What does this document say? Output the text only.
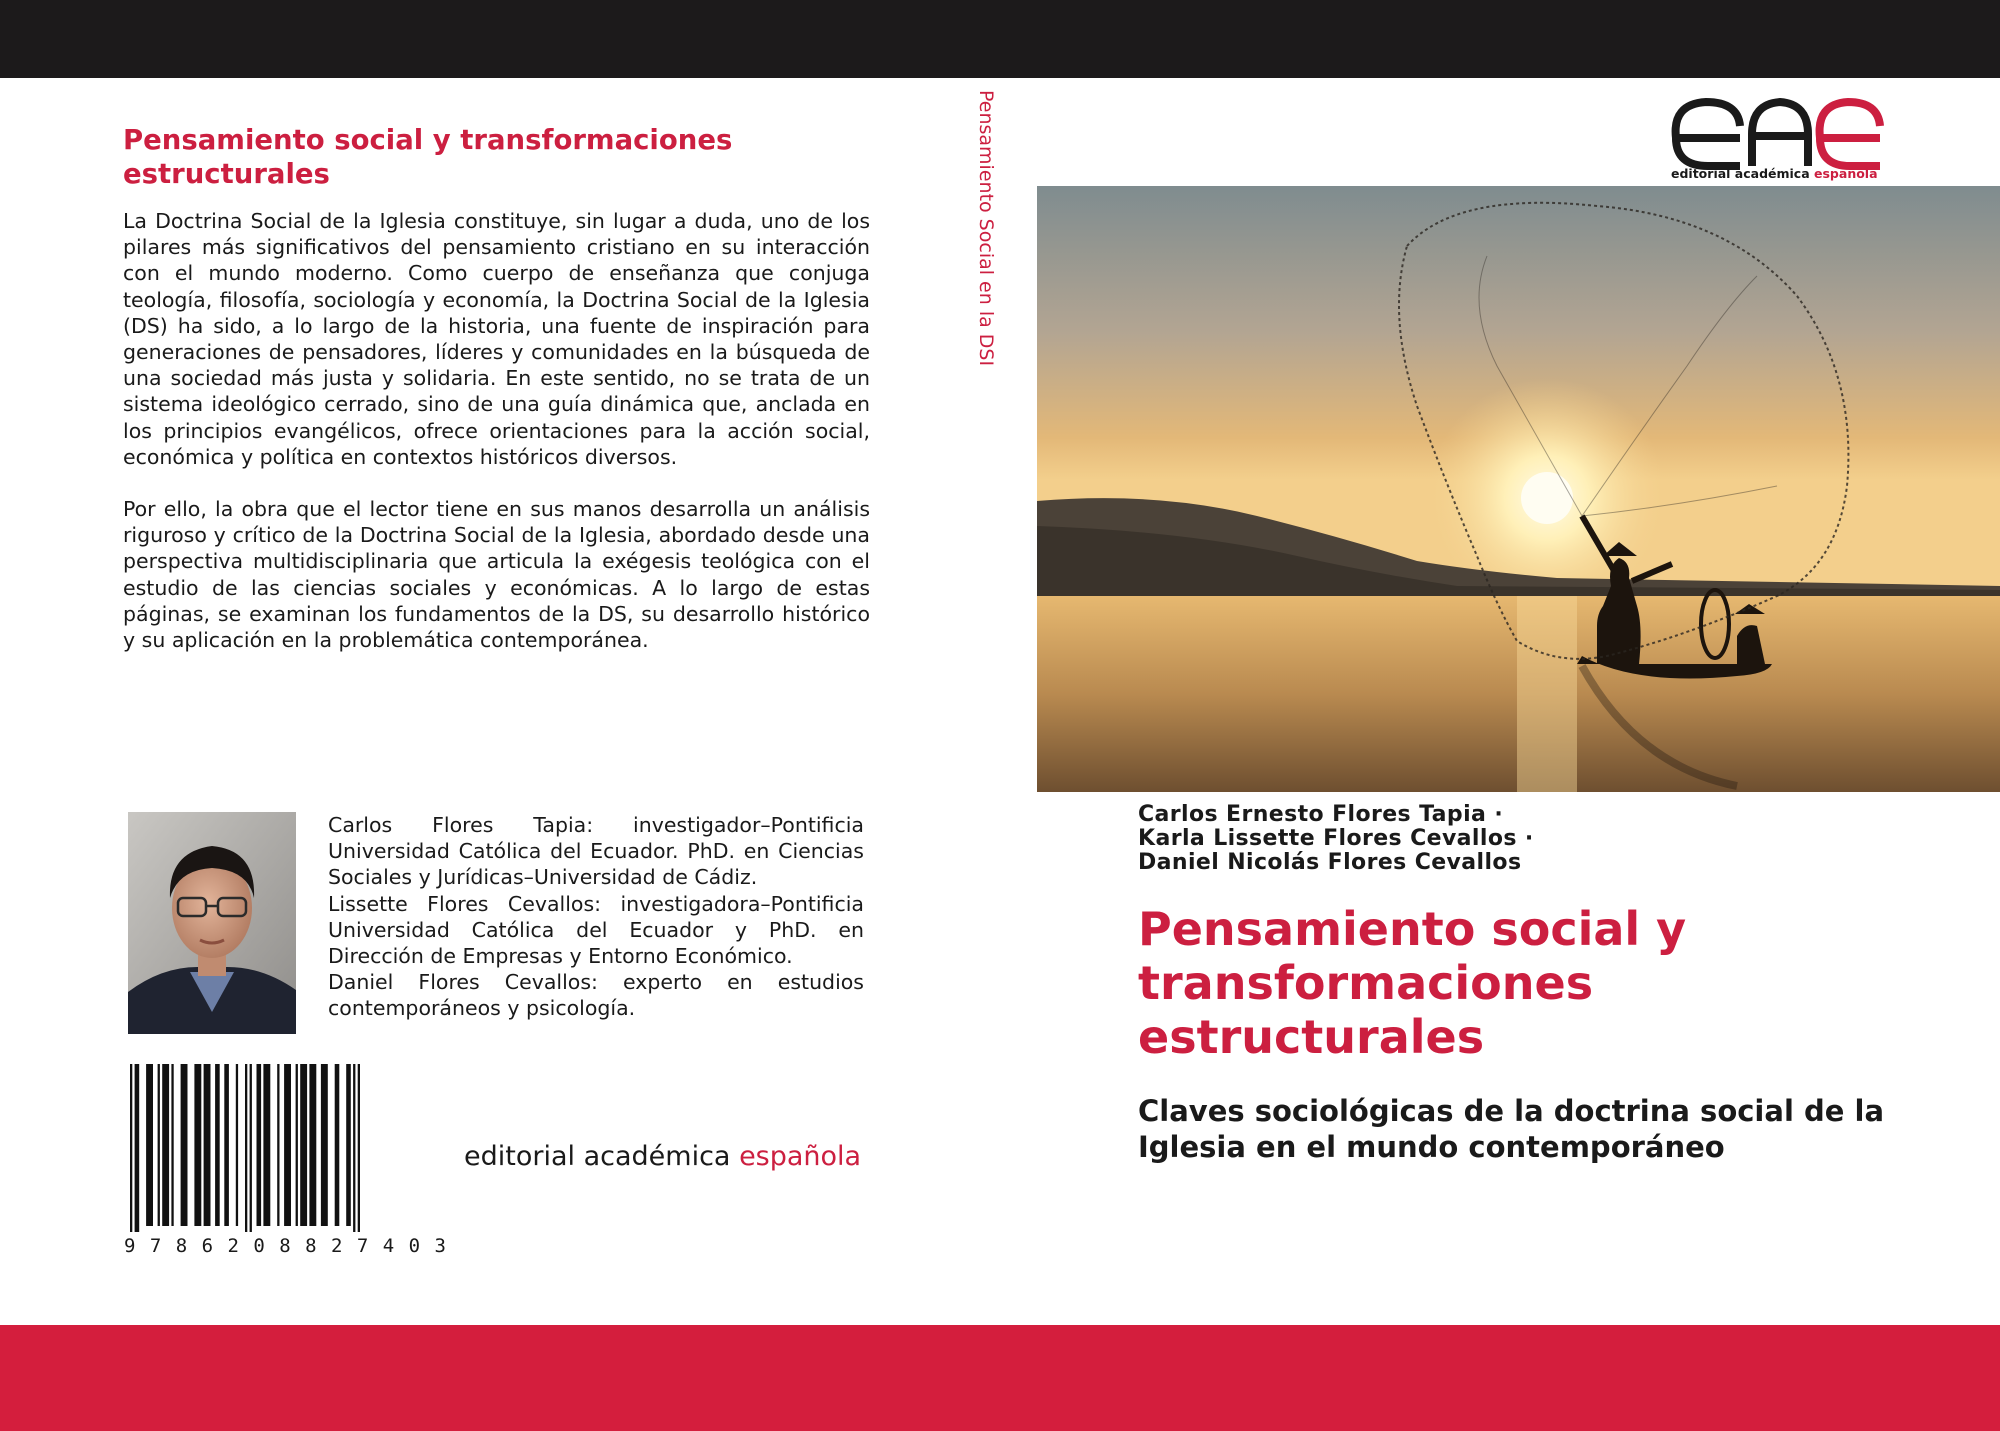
Pensamiento social y transformaciones estructurales

La Doctrina Social de la Iglesia constituye, sin lugar a duda, uno de los pilares más significativos del pensamiento cristiano en su interacción con el mundo moderno. Como cuerpo de enseñanza que conjuga teología, filosofía, sociología y economía, la Doctrina Social de la Iglesia (DS) ha sido, a lo largo de la historia, una fuente de inspiración para generaciones de pensadores, líderes y comunidades en la búsqueda de una sociedad más justa y solidaria. En este sentido, no se trata de un sistema ideológico cerrado, sino de una guía dinámica que, anclada en los principios evangélicos, ofrece orientaciones para la acción social, económica y política en contextos históricos diversos.

Por ello, la obra que el lector tiene en sus manos desarrolla un análisis riguroso y crítico de la Doctrina Social de la Iglesia, abordado desde una perspectiva multidisciplinaria que articula la exégesis teológica con el estudio de las ciencias sociales y económicas. A lo largo de estas páginas, se examinan los fundamentos de la DS, su desarrollo histórico y su aplicación en la problemática contemporánea.

Carlos Flores Tapia: investigador–Pontificia Universidad Católica del Ecuador. PhD. en Ciencias Sociales y Jurídicas–Universidad de Cádiz.

Lissette Flores Cevallos: investigadora–Pontificia Universidad Católica del Ecuador y PhD. en Dirección de Empresas y Entorno Económico.

Daniel Flores Cevallos: experto en estudios contemporáneos y psicología.

9 7 8 6 2 0 8 8 2 7 4 0 3
editorial académica española
Pensamiento Social en la DSI	editorial académica española
Carlos Ernesto Flores Tapia ·
Karla Lissette Flores Cevallos ·
Daniel Nicolás Flores Cevallos
Pensamiento social y transformaciones estructurales
Claves sociológicas de la doctrina social de la Iglesia en el mundo contemporáneo
